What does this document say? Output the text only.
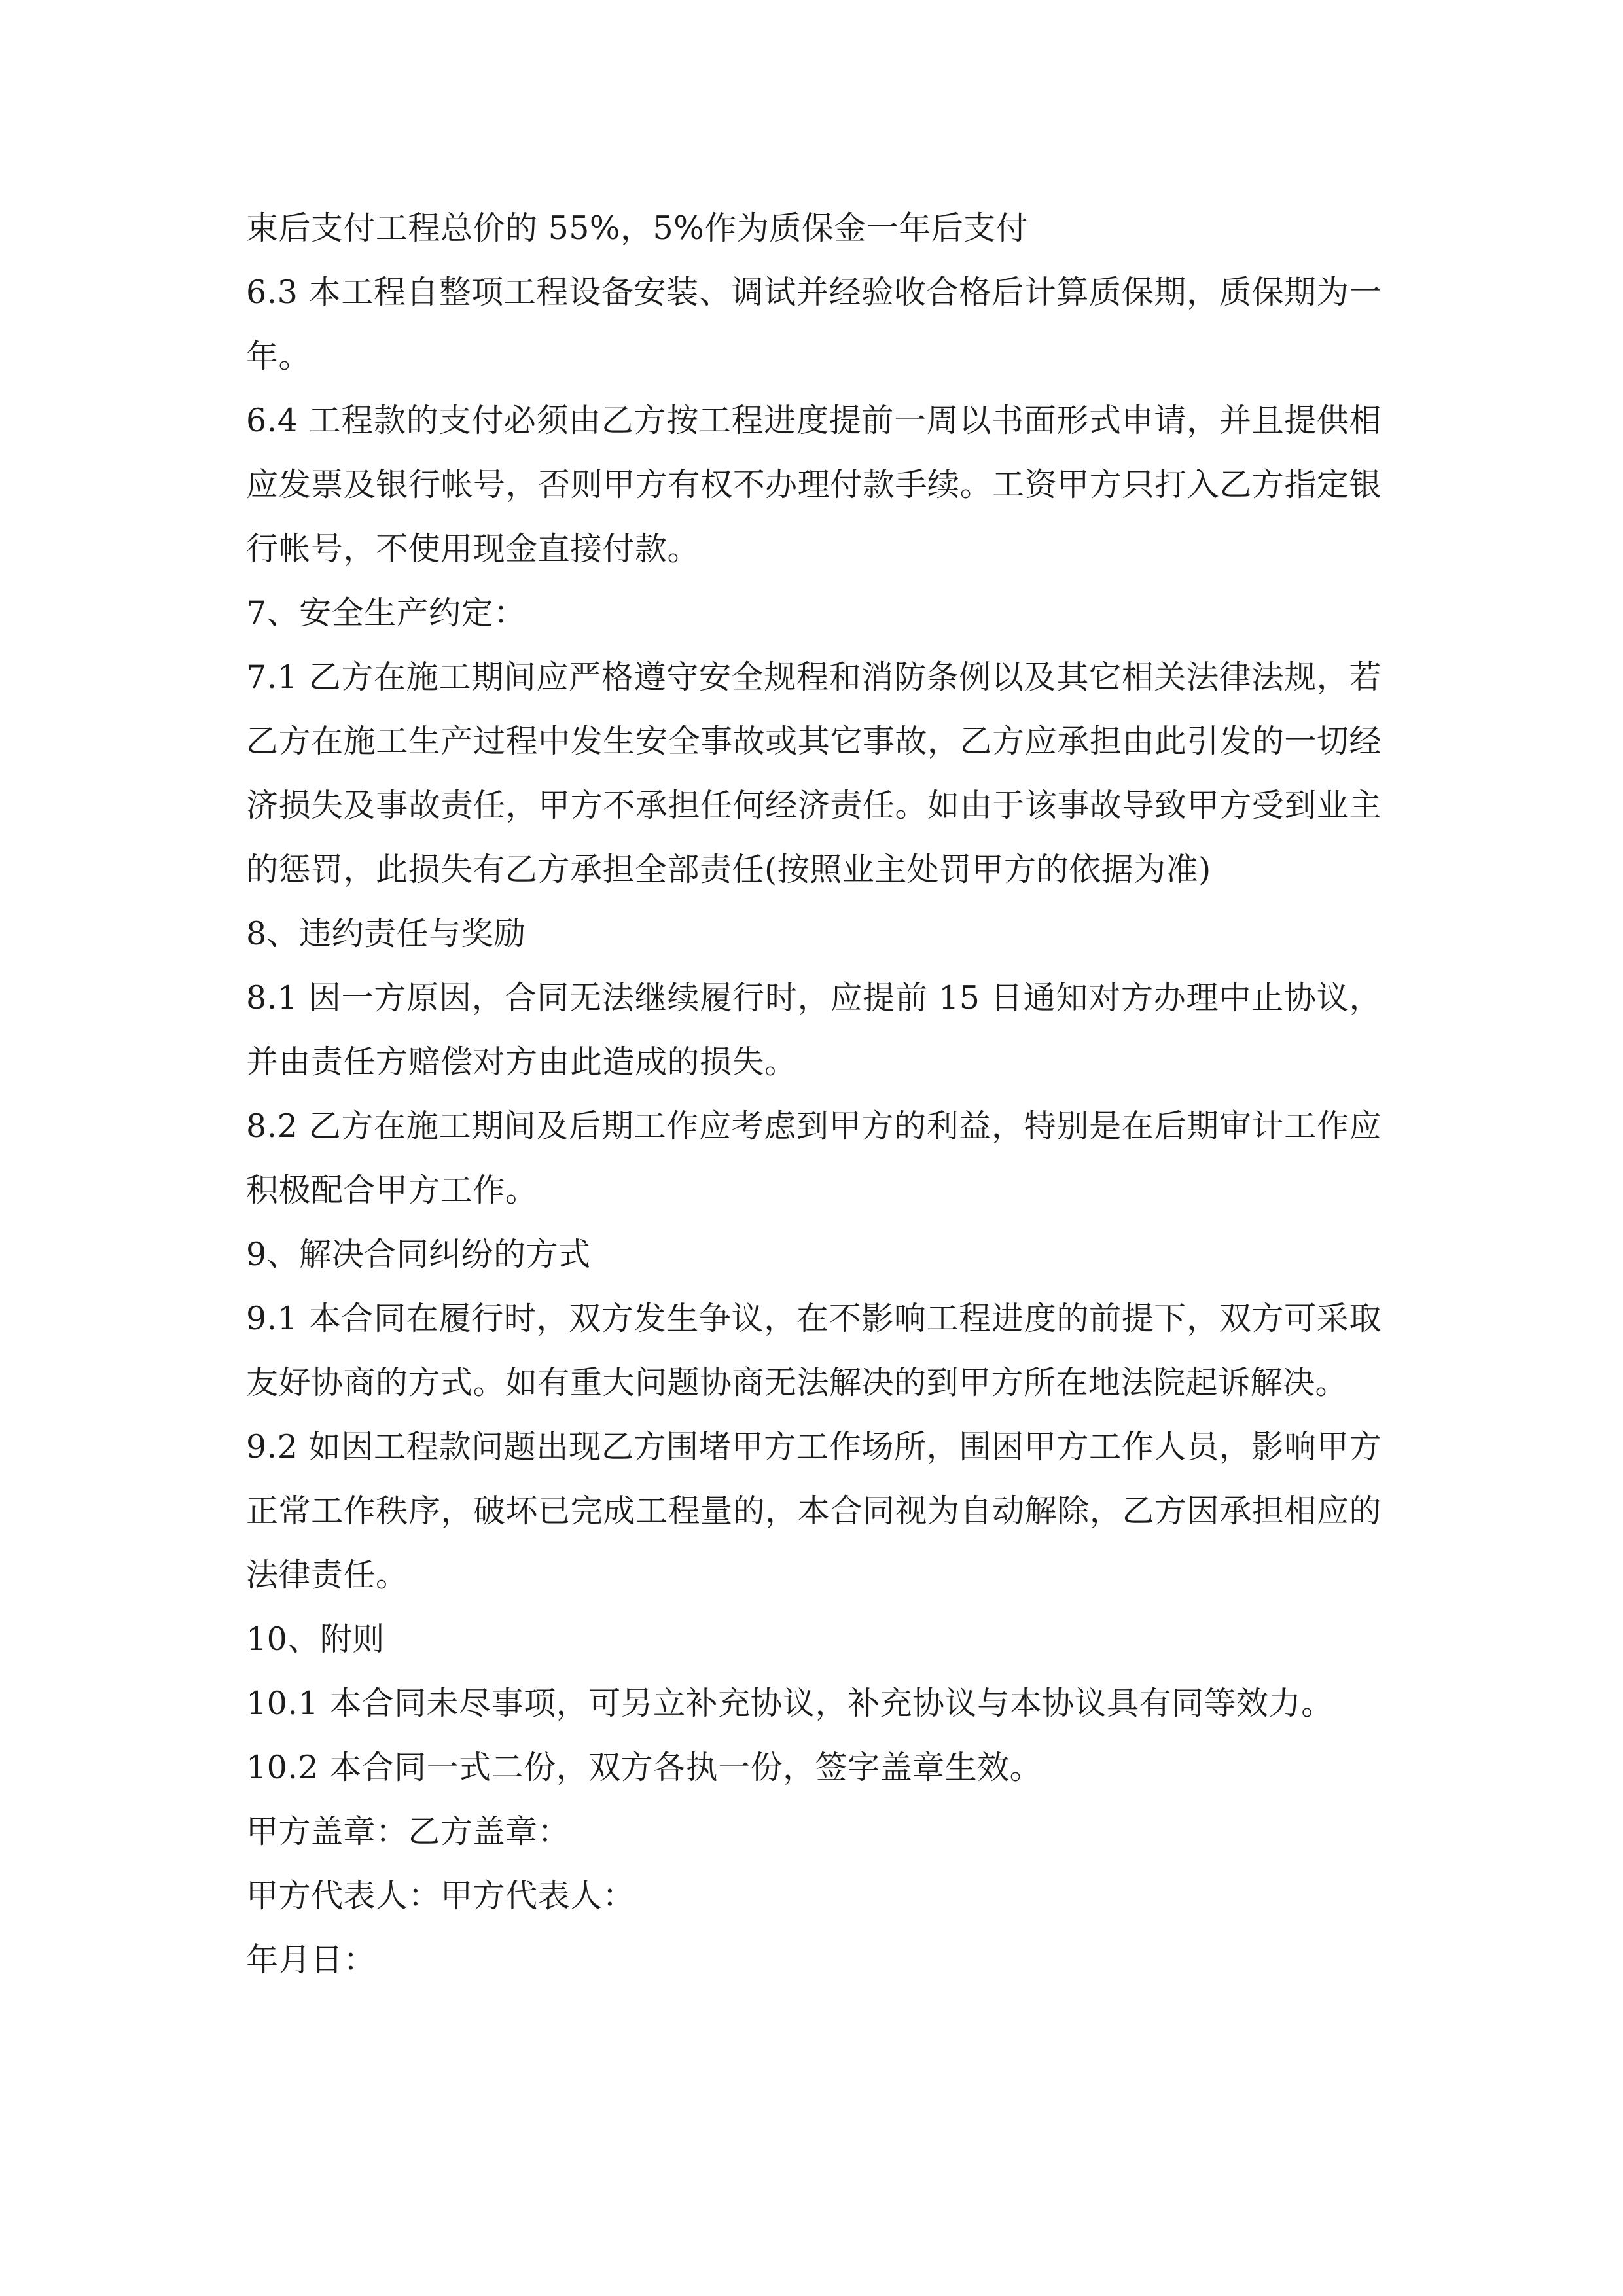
束后支付工程总价的 55%，5%作为质保金一年后支付

6.3 本工程自整项工程设备安装、调试并经验收合格后计算质保期，质保期为一年。

6.4 工程款的支付必须由乙方按工程进度提前一周以书面形式申请，并且提供相应发票及银行帐号，否则甲方有权不办理付款手续。工资甲方只打入乙方指定银行帐号，不使用现金直接付款。

7、安全生产约定：

7.1 乙方在施工期间应严格遵守安全规程和消防条例以及其它相关法律法规，若乙方在施工生产过程中发生安全事故或其它事故，乙方应承担由此引发的一切经济损失及事故责任，甲方不承担任何经济责任。如由于该事故导致甲方受到业主的惩罚，此损失有乙方承担全部责任(按照业主处罚甲方的依据为准)

8、违约责任与奖励

8.1 因一方原因，合同无法继续履行时，应提前 15 日通知对方办理中止协议，并由责任方赔偿对方由此造成的损失。

8.2 乙方在施工期间及后期工作应考虑到甲方的利益，特别是在后期审计工作应积极配合甲方工作。

9、解决合同纠纷的方式

9.1 本合同在履行时，双方发生争议，在不影响工程进度的前提下，双方可采取友好协商的方式。如有重大问题协商无法解决的到甲方所在地法院起诉解决。

9.2 如因工程款问题出现乙方围堵甲方工作场所，围困甲方工作人员，影响甲方正常工作秩序，破坏已完成工程量的，本合同视为自动解除，乙方因承担相应的法律责任。

10、附则

10.1 本合同未尽事项，可另立补充协议，补充协议与本协议具有同等效力。

10.2 本合同一式二份，双方各执一份，签字盖章生效。

甲方盖章：乙方盖章：

甲方代表人：甲方代表人：

年月日：
